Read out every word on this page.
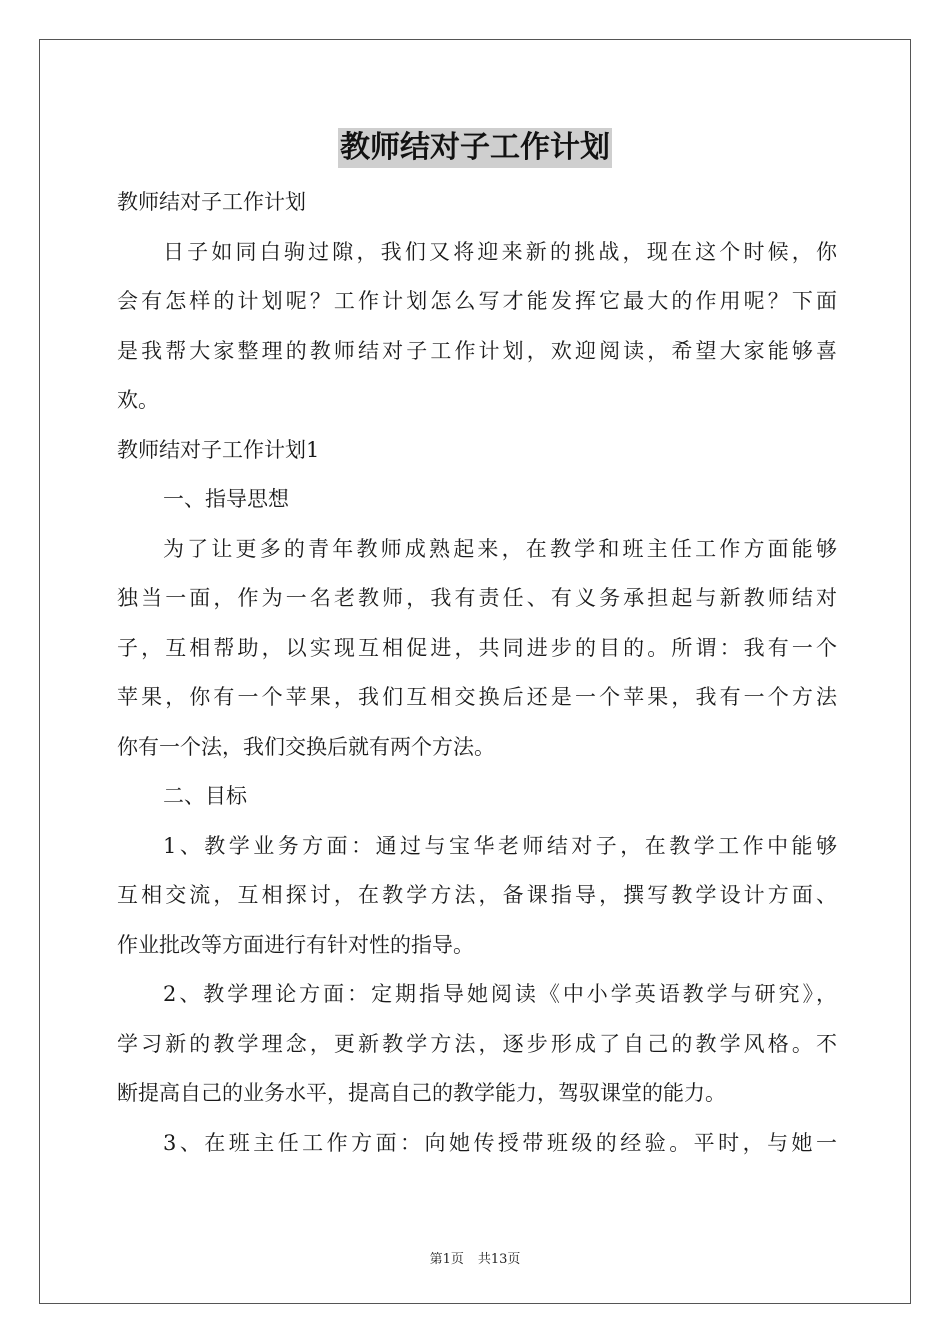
教师结对子工作计划
教师结对子工作计划
日子如同白驹过隙，我们又将迎来新的挑战，现在这个时候，你
会有怎样的计划呢？工作计划怎么写才能发挥它最大的作用呢？下面
是我帮大家整理的教师结对子工作计划，欢迎阅读，希望大家能够喜
欢。
教师结对子工作计划1
一、指导思想
为了让更多的青年教师成熟起来，在教学和班主任工作方面能够
独当一面，作为一名老教师，我有责任、有义务承担起与新教师结对
子，互相帮助，以实现互相促进，共同进步的目的。所谓：我有一个
苹果，你有一个苹果，我们互相交换后还是一个苹果，我有一个方法
你有一个法，我们交换后就有两个方法。
二、目标
1、教学业务方面：通过与宝华老师结对子，在教学工作中能够
互相交流，互相探讨，在教学方法，备课指导，撰写教学设计方面、
作业批改等方面进行有针对性的指导。
2、教学理论方面：定期指导她阅读《中小学英语教学与研究》，
学习新的教学理念，更新教学方法，逐步形成了自己的教学风格。不
断提高自己的业务水平，提高自己的教学能力，驾驭课堂的能力。
3、在班主任工作方面：向她传授带班级的经验。平时，与她一
第1页 共13页
